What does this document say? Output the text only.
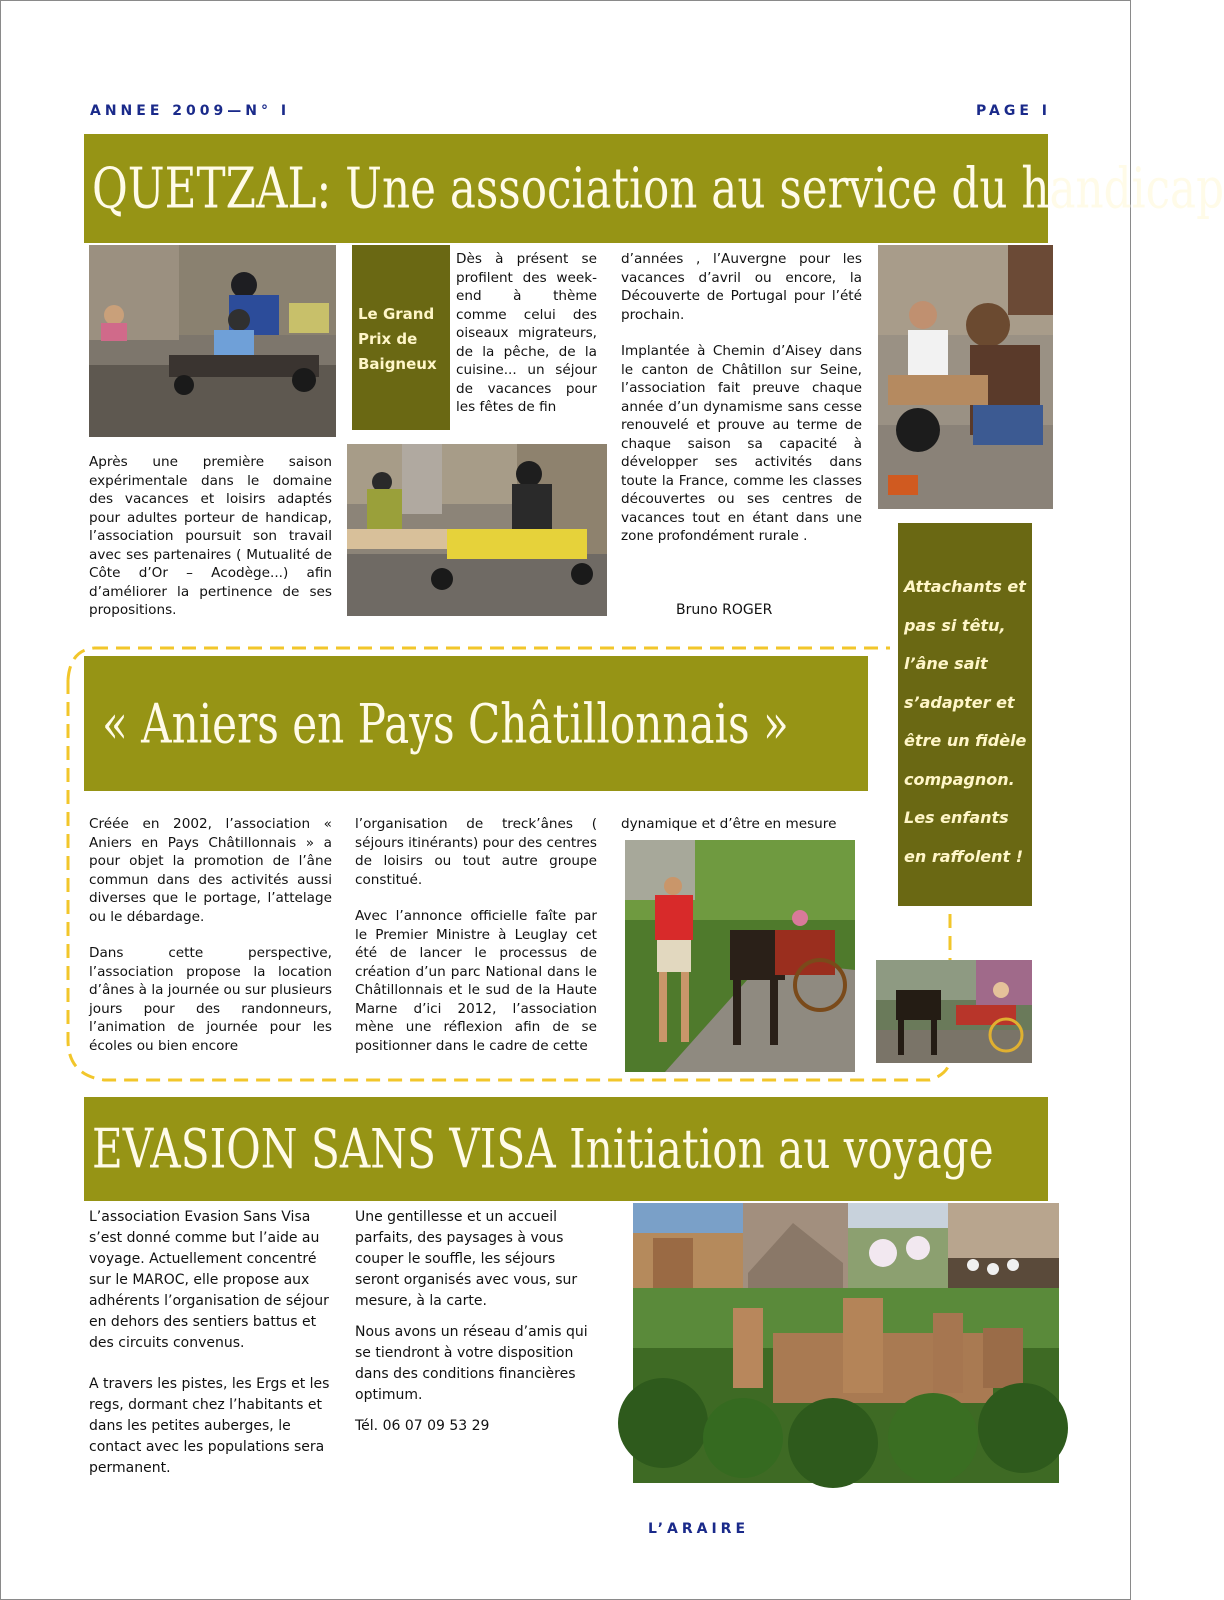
ANNEE 2009—N° I	PAGE I
QUETZAL: Une association au service du handicap
Le Grand Prix de Baigneux

Dès à présent se profilent des week-end à thème comme celui des oiseaux migrateurs, de la pêche, de la cuisine... un séjour de vacances pour les fêtes de fin

d’années , l’Auvergne pour les vacances d’avril ou encore, la Découverte de Portugal pour l’été prochain.

Implantée à Chemin d’Aisey dans le canton de Châtillon sur Seine, l’association fait preuve chaque année d’un dynamisme sans cesse renouvelé et prouve au terme de chaque saison sa capacité à développer ses activités dans toute la France, comme les classes découvertes ou ses centres de vacances tout en étant dans une zone profondément rurale .

Bruno ROGER

Après une première saison expérimentale dans le domaine des vacances et loisirs adaptés pour adultes porteur de handicap, l’association poursuit son travail avec ses partenaires ( Mutualité de Côte d’Or – Acodège...) afin d’améliorer la pertinence de ses propositions.

Attachants et pas si têtu, l’âne sait s’adapter et être un fidèle compagnon. Les enfants en raffolent !
« Aniers en Pays Châtillonnais »

Créée en 2002, l’association « Aniers en Pays Châtillonnais » a pour objet la promotion de l’âne commun dans des activités aussi diverses que le portage, l’attelage ou le débardage.

Dans cette perspective, l’association propose la location d’ânes à la journée ou sur plusieurs jours pour des randonneurs, l’animation de journée pour les écoles ou bien encore

l’organisation de treck’ânes ( séjours itinérants) pour des centres de loisirs ou tout autre groupe constitué.

Avec l’annonce officielle faîte par le Premier Ministre à Leuglay cet été de lancer le processus de création d’un parc National dans le Châtillonnais et le sud de la Haute Marne d’ici 2012, l’association mène une réflexion afin de se positionner dans le cadre de cette

dynamique et d’être en mesure

EVASION SANS VISA Initiation au voyage

L’association Evasion Sans Visa s’est donné comme but l’aide au voyage. Actuellement concentré sur le MAROC, elle propose aux adhérents l’organisation de séjour en dehors des sentiers battus et des circuits convenus.

A travers les pistes, les Ergs et les regs, dormant chez l’habitants et dans les petites auberges, le contact avec les populations sera permanent.

Une gentillesse et un accueil parfaits, des paysages à vous couper le souffle, les séjours seront organisés avec vous, sur mesure, à la carte.

Nous avons un réseau d’amis qui se tiendront à votre disposition dans des conditions financières optimum.

Tél. 06 07 09 53 29

L’ARAIRE
